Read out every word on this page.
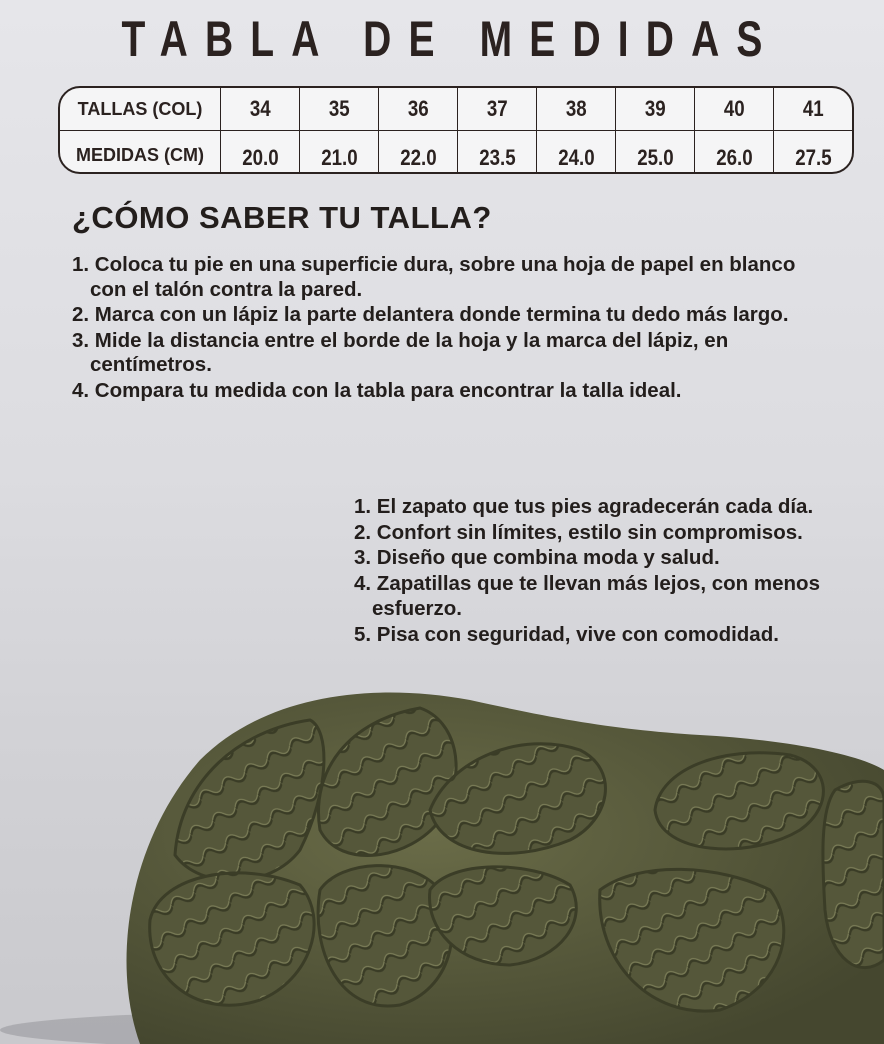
TABLA DE MEDIDAS
TALLAS (COL)	34	35	36	37	38	39	40	41
MEDIDAS (CM)	20.0	21.0	22.0	23.5	24.0	25.0	26.0	27.5
¿CÓMO SABER TU TALLA?
1. Coloca tu pie en una superficie dura, sobre una hoja de papel en blanco con el talón contra la pared.
2. Marca con un lápiz la parte delantera donde termina tu dedo más largo.
3. Mide la distancia entre el borde de la hoja y la marca del lápiz, en centímetros.
4. Compara tu medida con la tabla para encontrar la talla ideal.
1. El zapato que tus pies agradecerán cada día.
2. Confort sin límites, estilo sin compromisos.
3. Diseño que combina moda y salud.
4. Zapatillas que te llevan más lejos, con menos esfuerzo.
5. Pisa con seguridad, vive con comodidad.
